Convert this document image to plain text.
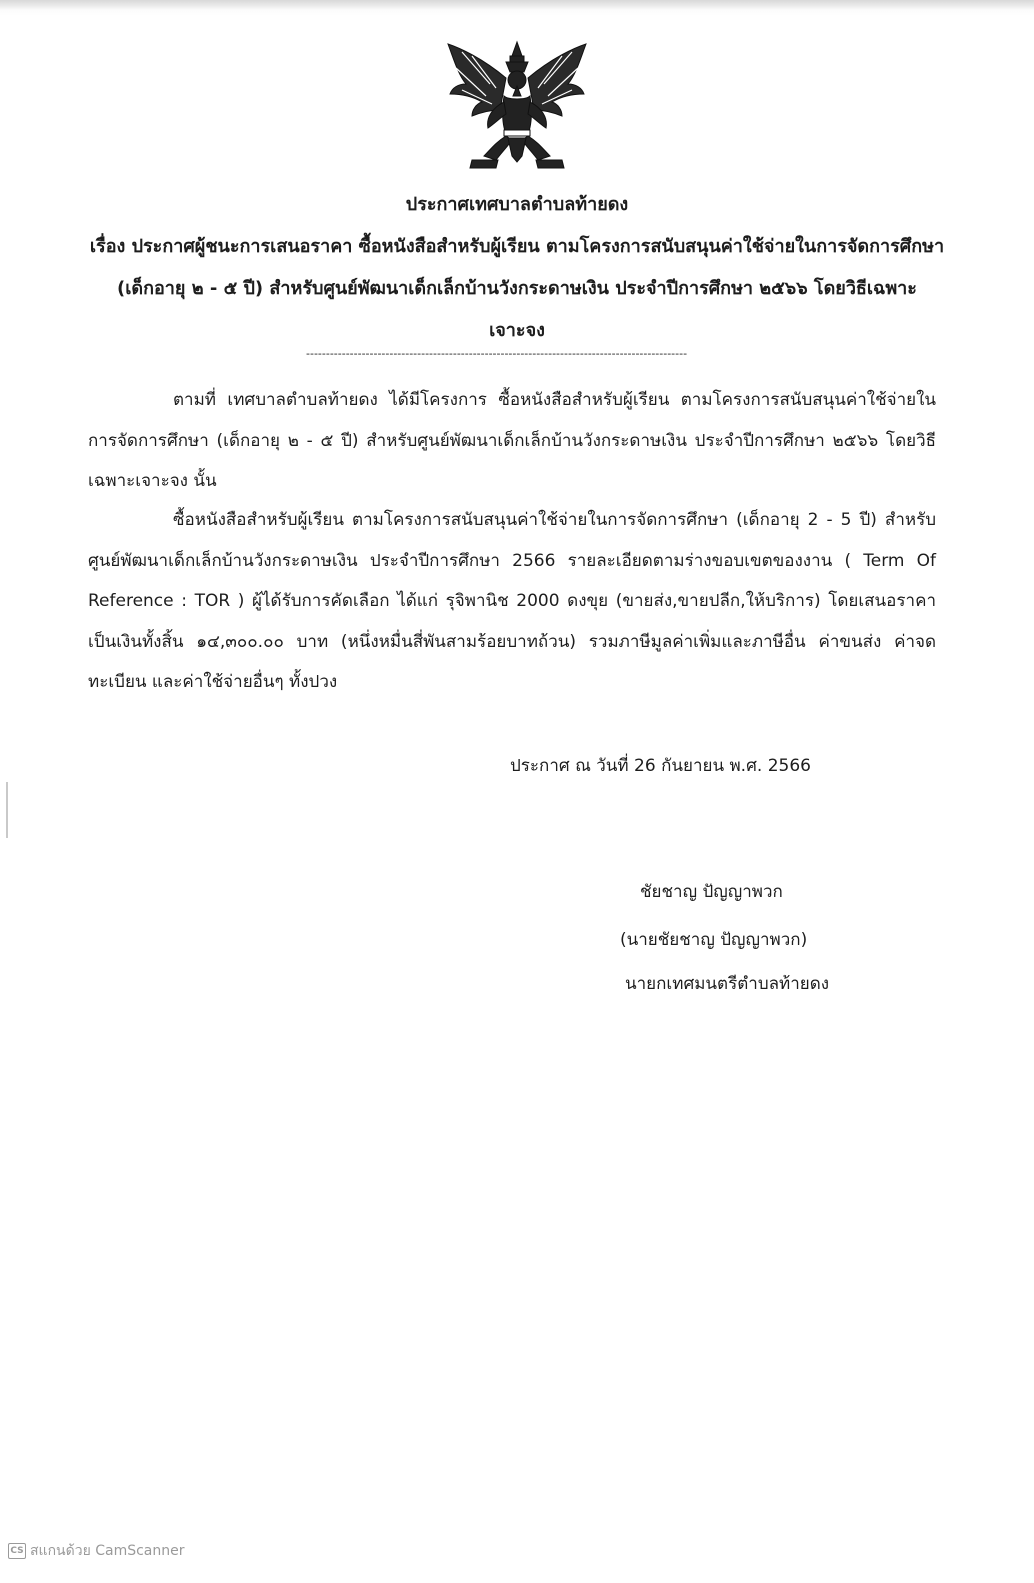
ประกาศเทศบาลตำบลท้ายดง
เรื่อง ประกาศผู้ชนะการเสนอราคา ซื้อหนังสือสำหรับผู้เรียน ตามโครงการสนับสนุนค่าใช้จ่ายในการจัดการศึกษา
(เด็กอายุ ๒ - ๕ ปี) สำหรับศูนย์พัฒนาเด็กเล็กบ้านวังกระดาษเงิน ประจำปีการศึกษา ๒๕๖๖ โดยวิธีเฉพาะ
เจาะจง
------------------------------------------------------------------------------------------------
ตามที่ เทศบาลตำบลท้ายดง ได้มีโครงการ ซื้อหนังสือสำหรับผู้เรียน ตามโครงการสนับสนุนค่าใช้จ่ายในการจัดการศึกษา (เด็กอายุ ๒ - ๕ ปี) สำหรับศูนย์พัฒนาเด็กเล็กบ้านวังกระดาษเงิน ประจำปีการศึกษา ๒๕๖๖ โดยวิธีเฉพาะเจาะจง นั้น
ซื้อหนังสือสำหรับผู้เรียน ตามโครงการสนับสนุนค่าใช้จ่ายในการจัดการศึกษา (เด็กอายุ 2 - 5 ปี) สำหรับศูนย์พัฒนาเด็กเล็กบ้านวังกระดาษเงิน ประจำปีการศึกษา 2566 รายละเอียดตามร่างขอบเขตของงาน ( Term Of Reference : TOR ) ผู้ได้รับการคัดเลือก ได้แก่ รุจิพานิช 2000 ดงขุย (ขายส่ง,ขายปลีก,ให้บริการ) โดยเสนอราคาเป็นเงินทั้งสิ้น ๑๔,๓๐๐.๐๐ บาท (หนึ่งหมื่นสี่พันสามร้อยบาทถ้วน) รวมภาษีมูลค่าเพิ่มและภาษีอื่น ค่าขนส่ง ค่าจดทะเบียน และค่าใช้จ่ายอื่นๆ ทั้งปวง
ประกาศ ณ วันที่ 26 กันยายน พ.ศ. 2566
ชัยชาญ ปัญญาพวก
(นายชัยชาญ ปัญญาพวก)
นายกเทศมนตรีตำบลท้ายดง
CS สแกนด้วย CamScanner
